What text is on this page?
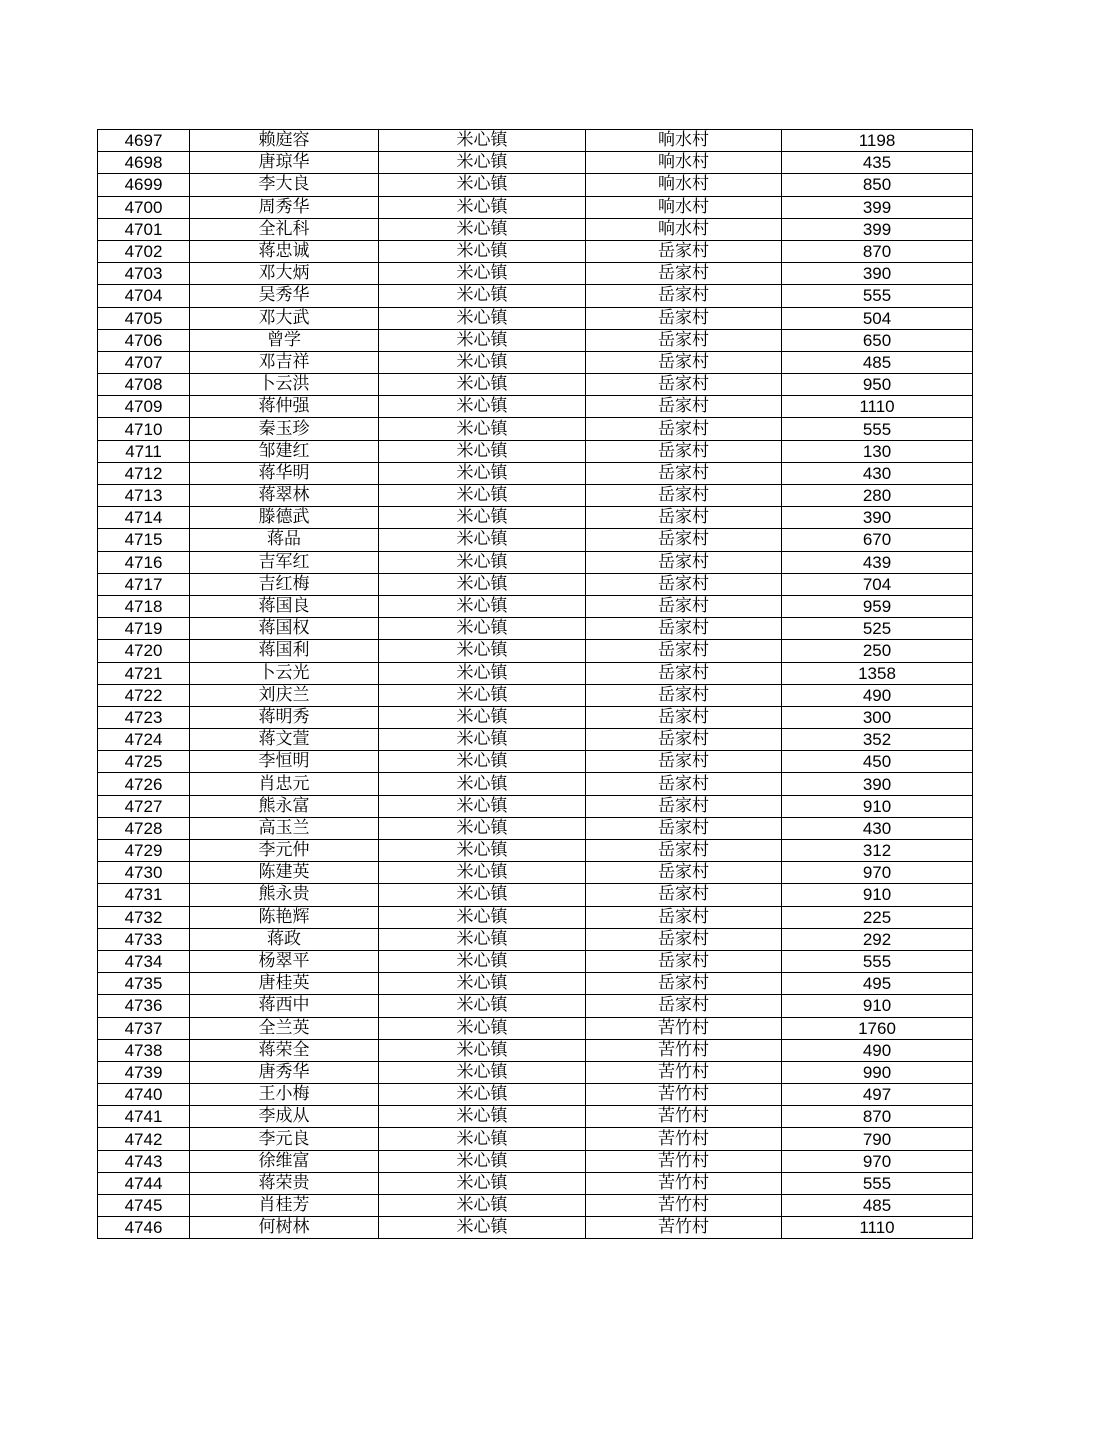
4697	赖庭容	米心镇	响水村	1198
4698	唐琼华	米心镇	响水村	435
4699	李大良	米心镇	响水村	850
4700	周秀华	米心镇	响水村	399
4701	全礼科	米心镇	响水村	399
4702	蒋忠诚	米心镇	岳家村	870
4703	邓大炳	米心镇	岳家村	390
4704	吴秀华	米心镇	岳家村	555
4705	邓大武	米心镇	岳家村	504
4706	曾学	米心镇	岳家村	650
4707	邓吉祥	米心镇	岳家村	485
4708	卜云洪	米心镇	岳家村	950
4709	蒋仲强	米心镇	岳家村	1110
4710	秦玉珍	米心镇	岳家村	555
4711	邹建红	米心镇	岳家村	130
4712	蒋华明	米心镇	岳家村	430
4713	蒋翠林	米心镇	岳家村	280
4714	滕德武	米心镇	岳家村	390
4715	蒋品	米心镇	岳家村	670
4716	吉军红	米心镇	岳家村	439
4717	吉红梅	米心镇	岳家村	704
4718	蒋国良	米心镇	岳家村	959
4719	蒋国权	米心镇	岳家村	525
4720	蒋国利	米心镇	岳家村	250
4721	卜云光	米心镇	岳家村	1358
4722	刘庆兰	米心镇	岳家村	490
4723	蒋明秀	米心镇	岳家村	300
4724	蒋文萱	米心镇	岳家村	352
4725	李恒明	米心镇	岳家村	450
4726	肖忠元	米心镇	岳家村	390
4727	熊永富	米心镇	岳家村	910
4728	高玉兰	米心镇	岳家村	430
4729	李元仲	米心镇	岳家村	312
4730	陈建英	米心镇	岳家村	970
4731	熊永贵	米心镇	岳家村	910
4732	陈艳辉	米心镇	岳家村	225
4733	蒋政	米心镇	岳家村	292
4734	杨翠平	米心镇	岳家村	555
4735	唐桂英	米心镇	岳家村	495
4736	蒋西中	米心镇	岳家村	910
4737	全兰英	米心镇	苦竹村	1760
4738	蒋荣全	米心镇	苦竹村	490
4739	唐秀华	米心镇	苦竹村	990
4740	王小梅	米心镇	苦竹村	497
4741	李成从	米心镇	苦竹村	870
4742	李元良	米心镇	苦竹村	790
4743	徐维富	米心镇	苦竹村	970
4744	蒋荣贵	米心镇	苦竹村	555
4745	肖桂芳	米心镇	苦竹村	485
4746	何树林	米心镇	苦竹村	1110
